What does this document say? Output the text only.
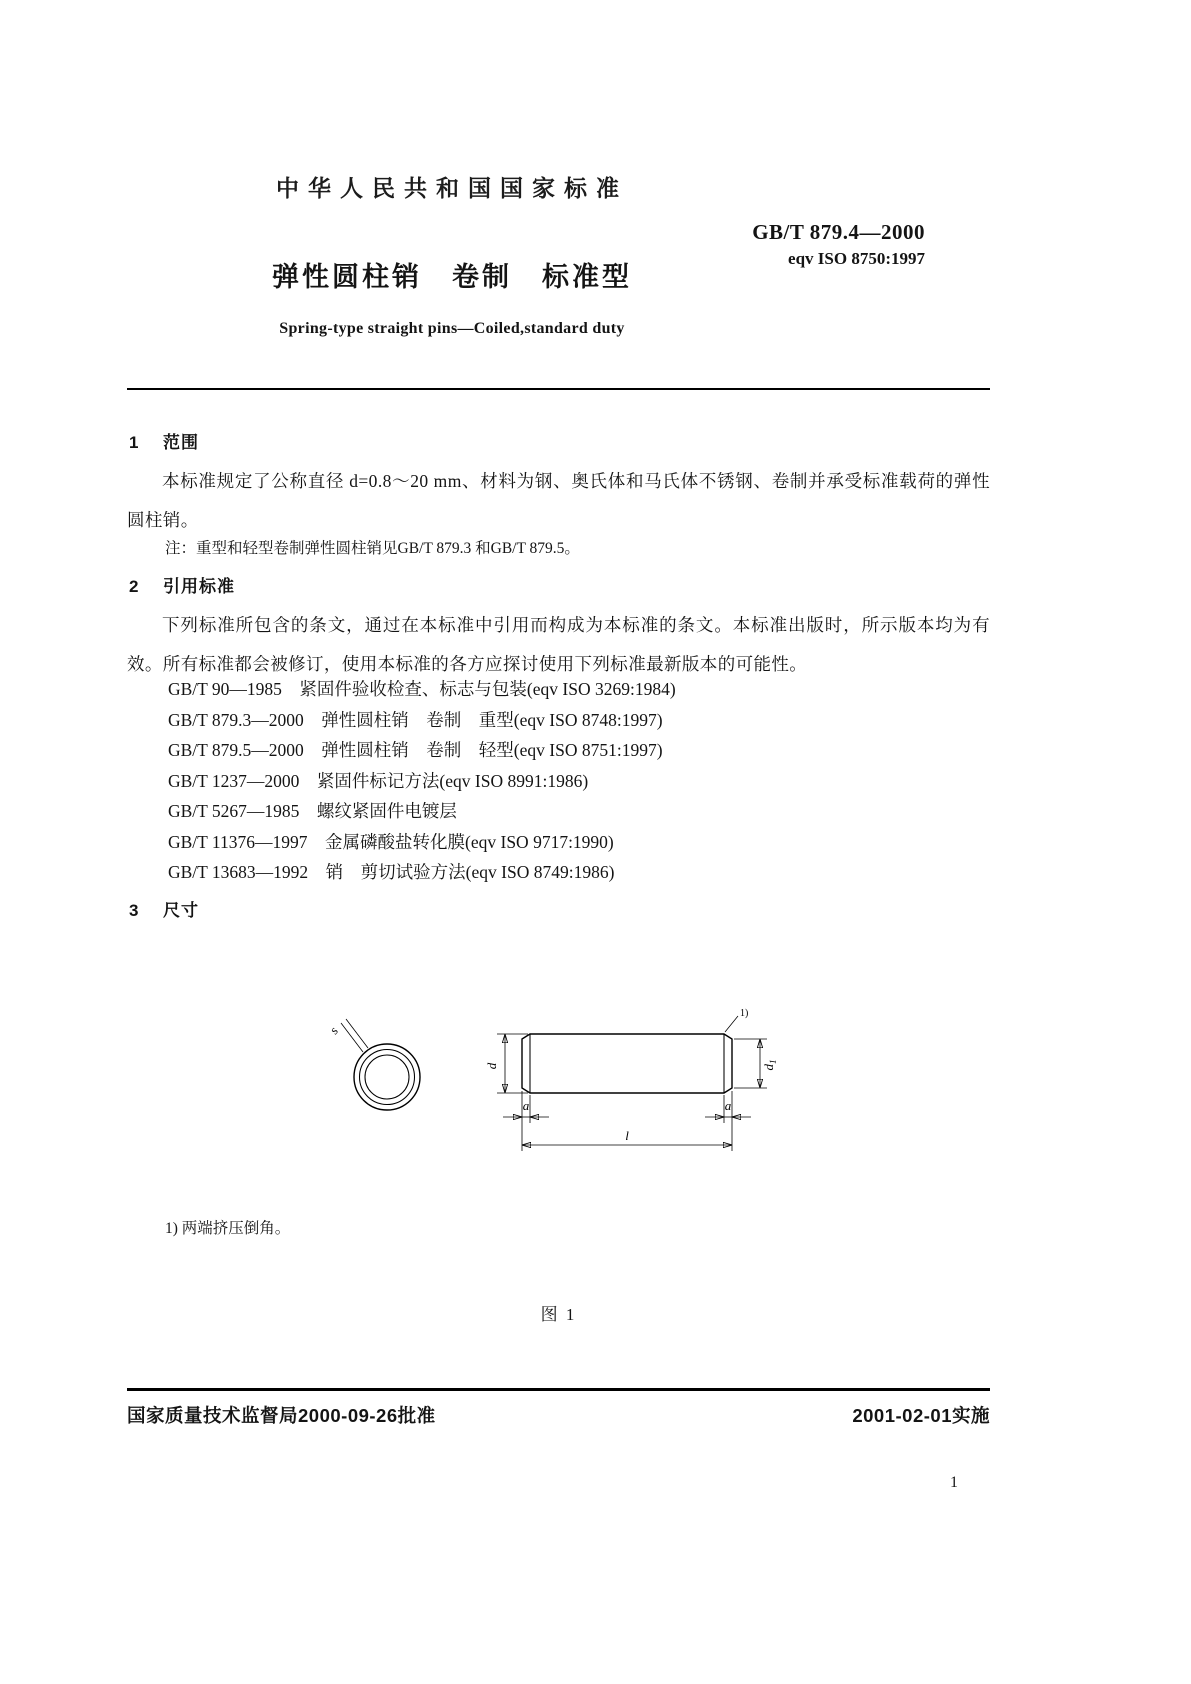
中华人民共和国国家标准
弹性圆柱销　卷制　标准型
Spring-type straight pins—Coiled,standard duty
GB/T 879.4—2000
eqv ISO 8750:1997
1 范围
本标准规定了公称直径 d=0.8～20 mm、材料为钢、奥氏体和马氏体不锈钢、卷制并承受标准载荷的弹性圆柱销。
注：重型和轻型卷制弹性圆柱销见GB/T 879.3 和GB/T 879.5。
2 引用标准
下列标准所包含的条文，通过在本标准中引用而构成为本标准的条文。本标准出版时，所示版本均为有效。所有标准都会被修订，使用本标准的各方应探讨使用下列标准最新版本的可能性。
GB/T 90—1985　紧固件验收检查、标志与包装(eqv ISO 3269:1984)
GB/T 879.3—2000　弹性圆柱销　卷制　重型(eqv ISO 8748:1997)
GB/T 879.5—2000　弹性圆柱销　卷制　轻型(eqv ISO 8751:1997)
GB/T 1237—2000　紧固件标记方法(eqv ISO 8991:1986)
GB/T 5267—1985　螺纹紧固件电镀层
GB/T 11376—1997　金属磷酸盐转化膜(eqv ISO 9717:1990)
GB/T 13683—1992　销　剪切试验方法(eqv ISO 8749:1986)
3 尺寸
s
1)
d	$d_1$
a	a
l
1) 两端挤压倒角。
图 1
国家质量技术监督局2000-09-26批准	2001-02-01实施
1
